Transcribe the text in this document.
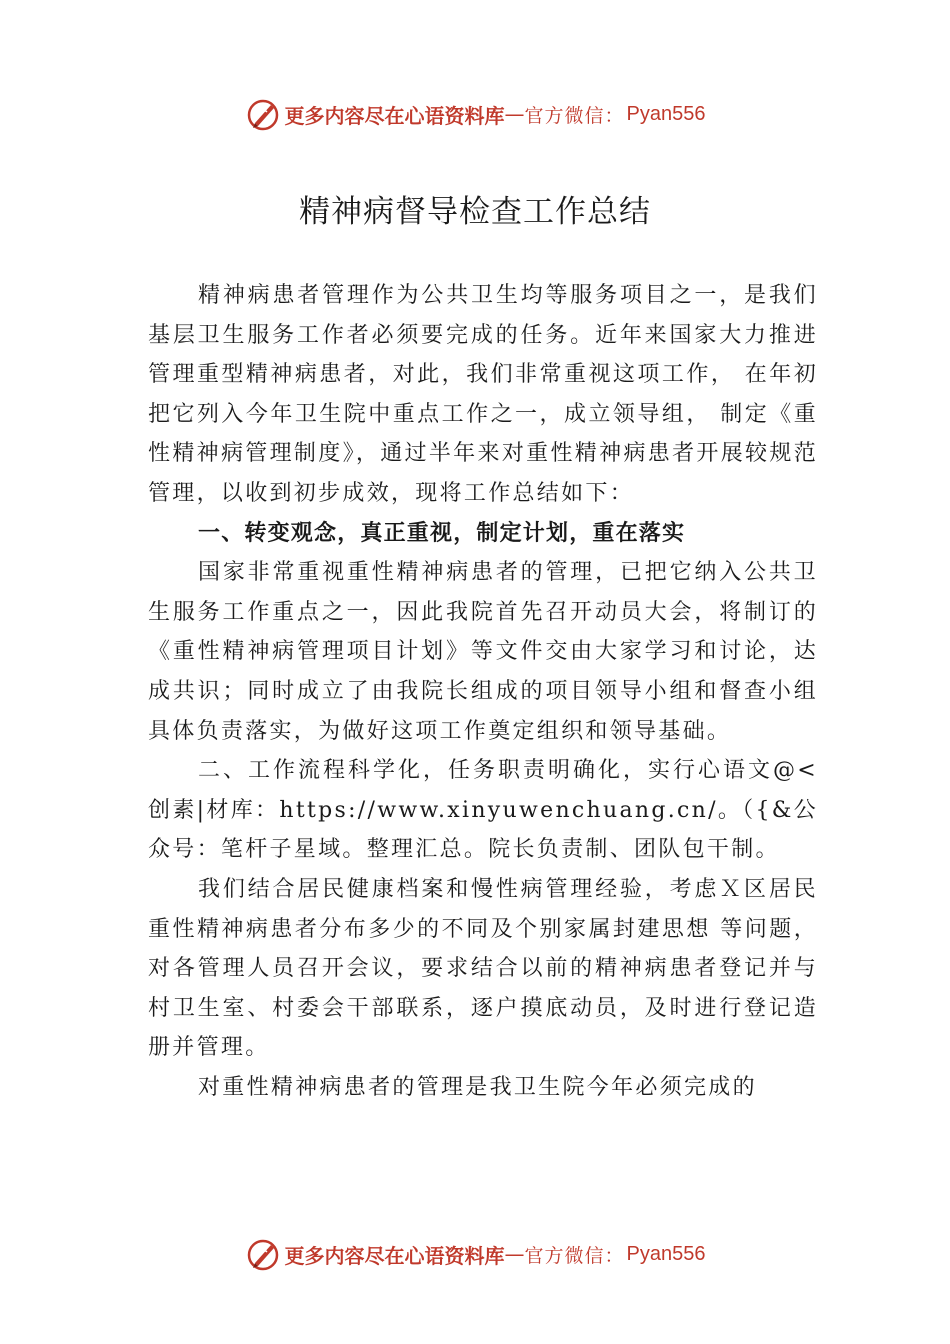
更多内容尽在心语资料库 — 官方微信： Pyan556
精神病督导检查工作总结

精神病患者管理作为公共卫生均等服务项目之一，是我们基层卫生服务工作者必须要完成的任务。近年来国家大力推进管理重型精神病患者，对此，我们非常重视这项工作， 在年初把它列入今年卫生院中重点工作之一，成立领导组， 制定《重性精神病管理制度》，通过半年来对重性精神病患者开展较规范管理，以收到初步成效，现将工作总结如下：

一、转变观念，真正重视，制定计划，重在落实

国家非常重视重性精神病患者的管理，已把它纳入公共卫生服务工作重点之一，因此我院首先召开动员大会，将制订的《重性精神病管理项目计划》等文件交由大家学习和讨论，达成共识；同时成立了由我院长组成的项目领导小组和督查小组具体负责落实，为做好这项工作奠定组织和领导基础。

二、工作流程科学化，任务职责明确化，实行心语文@<创素|材库：https://www.xinyuwenchuang.cn/。（{&公众号：笔杆子星域。整理汇总。院长负责制、团队包干制。

我们结合居民健康档案和慢性病管理经验，考虑Ｘ区居民重性精神病患者分布多少的不同及个别家属封建思想 等问题，对各管理人员召开会议，要求结合以前的精神病患者登记并与村卫生室、村委会干部联系，逐户摸底动员，及时进行登记造册并管理。

对重性精神病患者的管理是我卫生院今年必须完成的

更多内容尽在心语资料库 — 官方微信： Pyan556
